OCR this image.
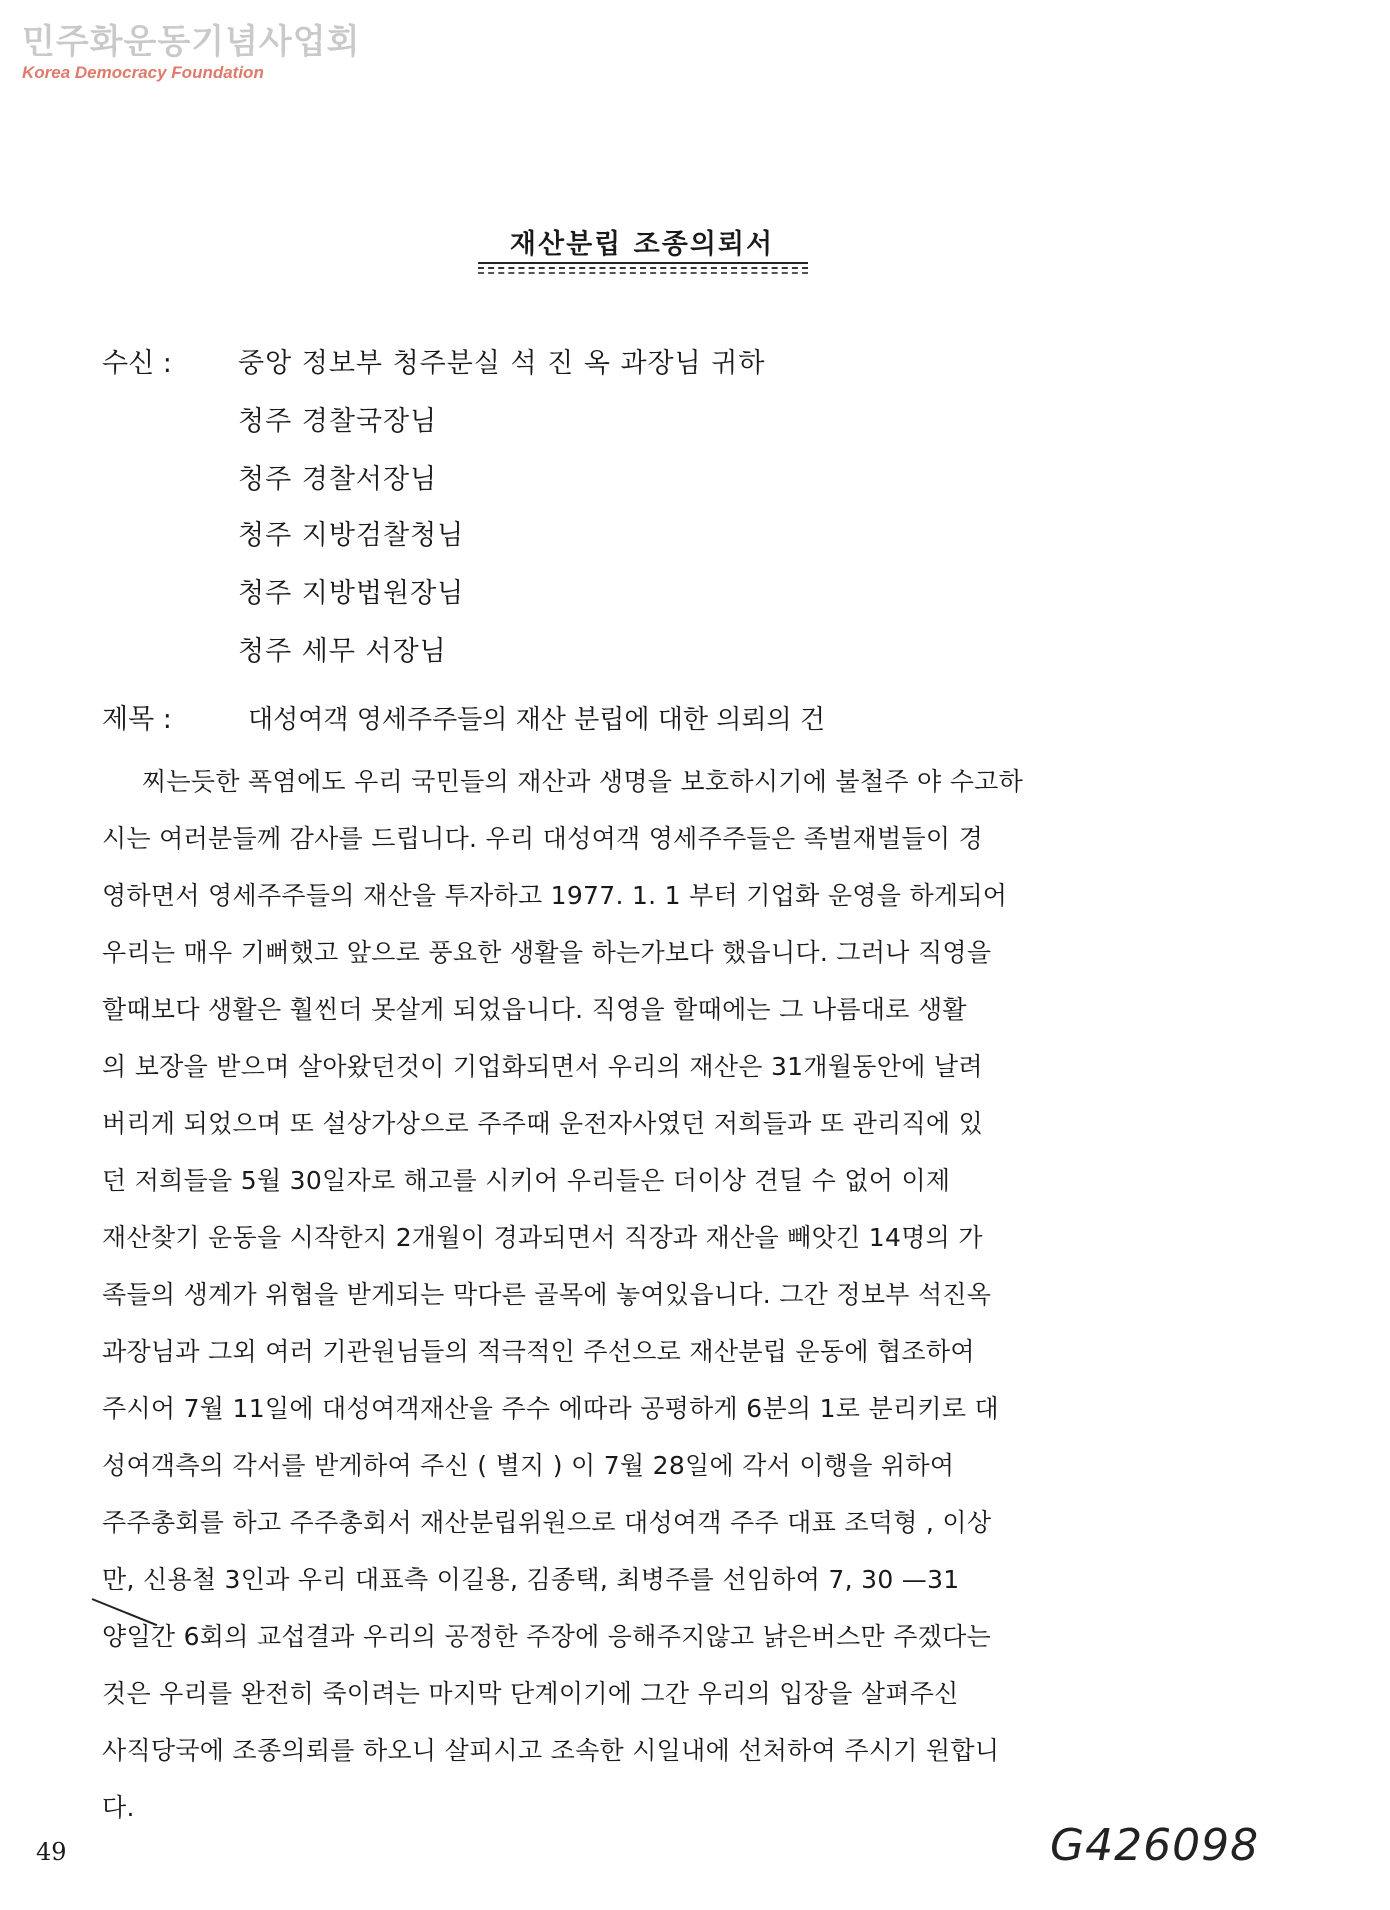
민주화운동기념사업회
Korea Democracy Foundation
재산분립 조종의뢰서
수신 : 중앙 정보부 청주분실 석 진 옥 과장님 귀하
청주 경찰국장님
청주 경찰서장님
청주 지방검찰청님
청주 지방법원장님
청주 세무 서장님
제목 :	대성여객 영세주주들의 재산 분립에 대한 의뢰의 건
찌는듯한 폭염에도 우리 국민들의 재산과 생명을 보호하시기에 불철주 야 수고하
시는 여러분들께 감사를 드립니다. 우리 대성여객 영세주주들은 족벌재벌들이 경
영하면서 영세주주들의 재산을 투자하고 1977. 1. 1 부터 기업화 운영을 하게되어
우리는 매우 기뻐했고 앞으로 풍요한 생활을 하는가보다 했읍니다. 그러나 직영을
할때보다 생활은 훨씬더 못살게 되었읍니다. 직영을 할때에는 그 나름대로 생활
의 보장을 받으며 살아왔던것이 기업화되면서 우리의 재산은 31개월동안에 날려
버리게 되었으며 또 설상가상으로 주주때 운전자사였던 저희들과 또 관리직에 있
던 저희들을 5월 30일자로 해고를 시키어 우리들은 더이상 견딜 수 없어 이제
재산찾기 운동을 시작한지 2개월이 경과되면서 직장과 재산을 빼앗긴 14명의 가
족들의 생계가 위협을 받게되는 막다른 골목에 놓여있읍니다. 그간 정보부 석진옥
과장님과 그외 여러 기관원님들의 적극적인 주선으로 재산분립 운동에 협조하여
주시어 7월 11일에 대성여객재산을 주수 에따라 공평하게 6분의 1로 분리키로 대
성여객측의 각서를 받게하여 주신 ( 별지 ) 이 7월 28일에 각서 이행을 위하여
주주총회를 하고 주주총회서 재산분립위원으로 대성여객 주주 대표 조덕형 , 이상
만, 신용철 3인과 우리 대표측 이길용, 김종택, 최병주를 선임하여 7, 30 —31
양일간 6회의 교섭결과 우리의 공정한 주장에 응해주지않고 낡은버스만 주겠다는
것은 우리를 완전히 죽이려는 마지막 단계이기에 그간 우리의 입장을 살펴주신
사직당국에 조종의뢰를 하오니 살피시고 조속한 시일내에 선처하여 주시기 원합니
다.
49	G426098
